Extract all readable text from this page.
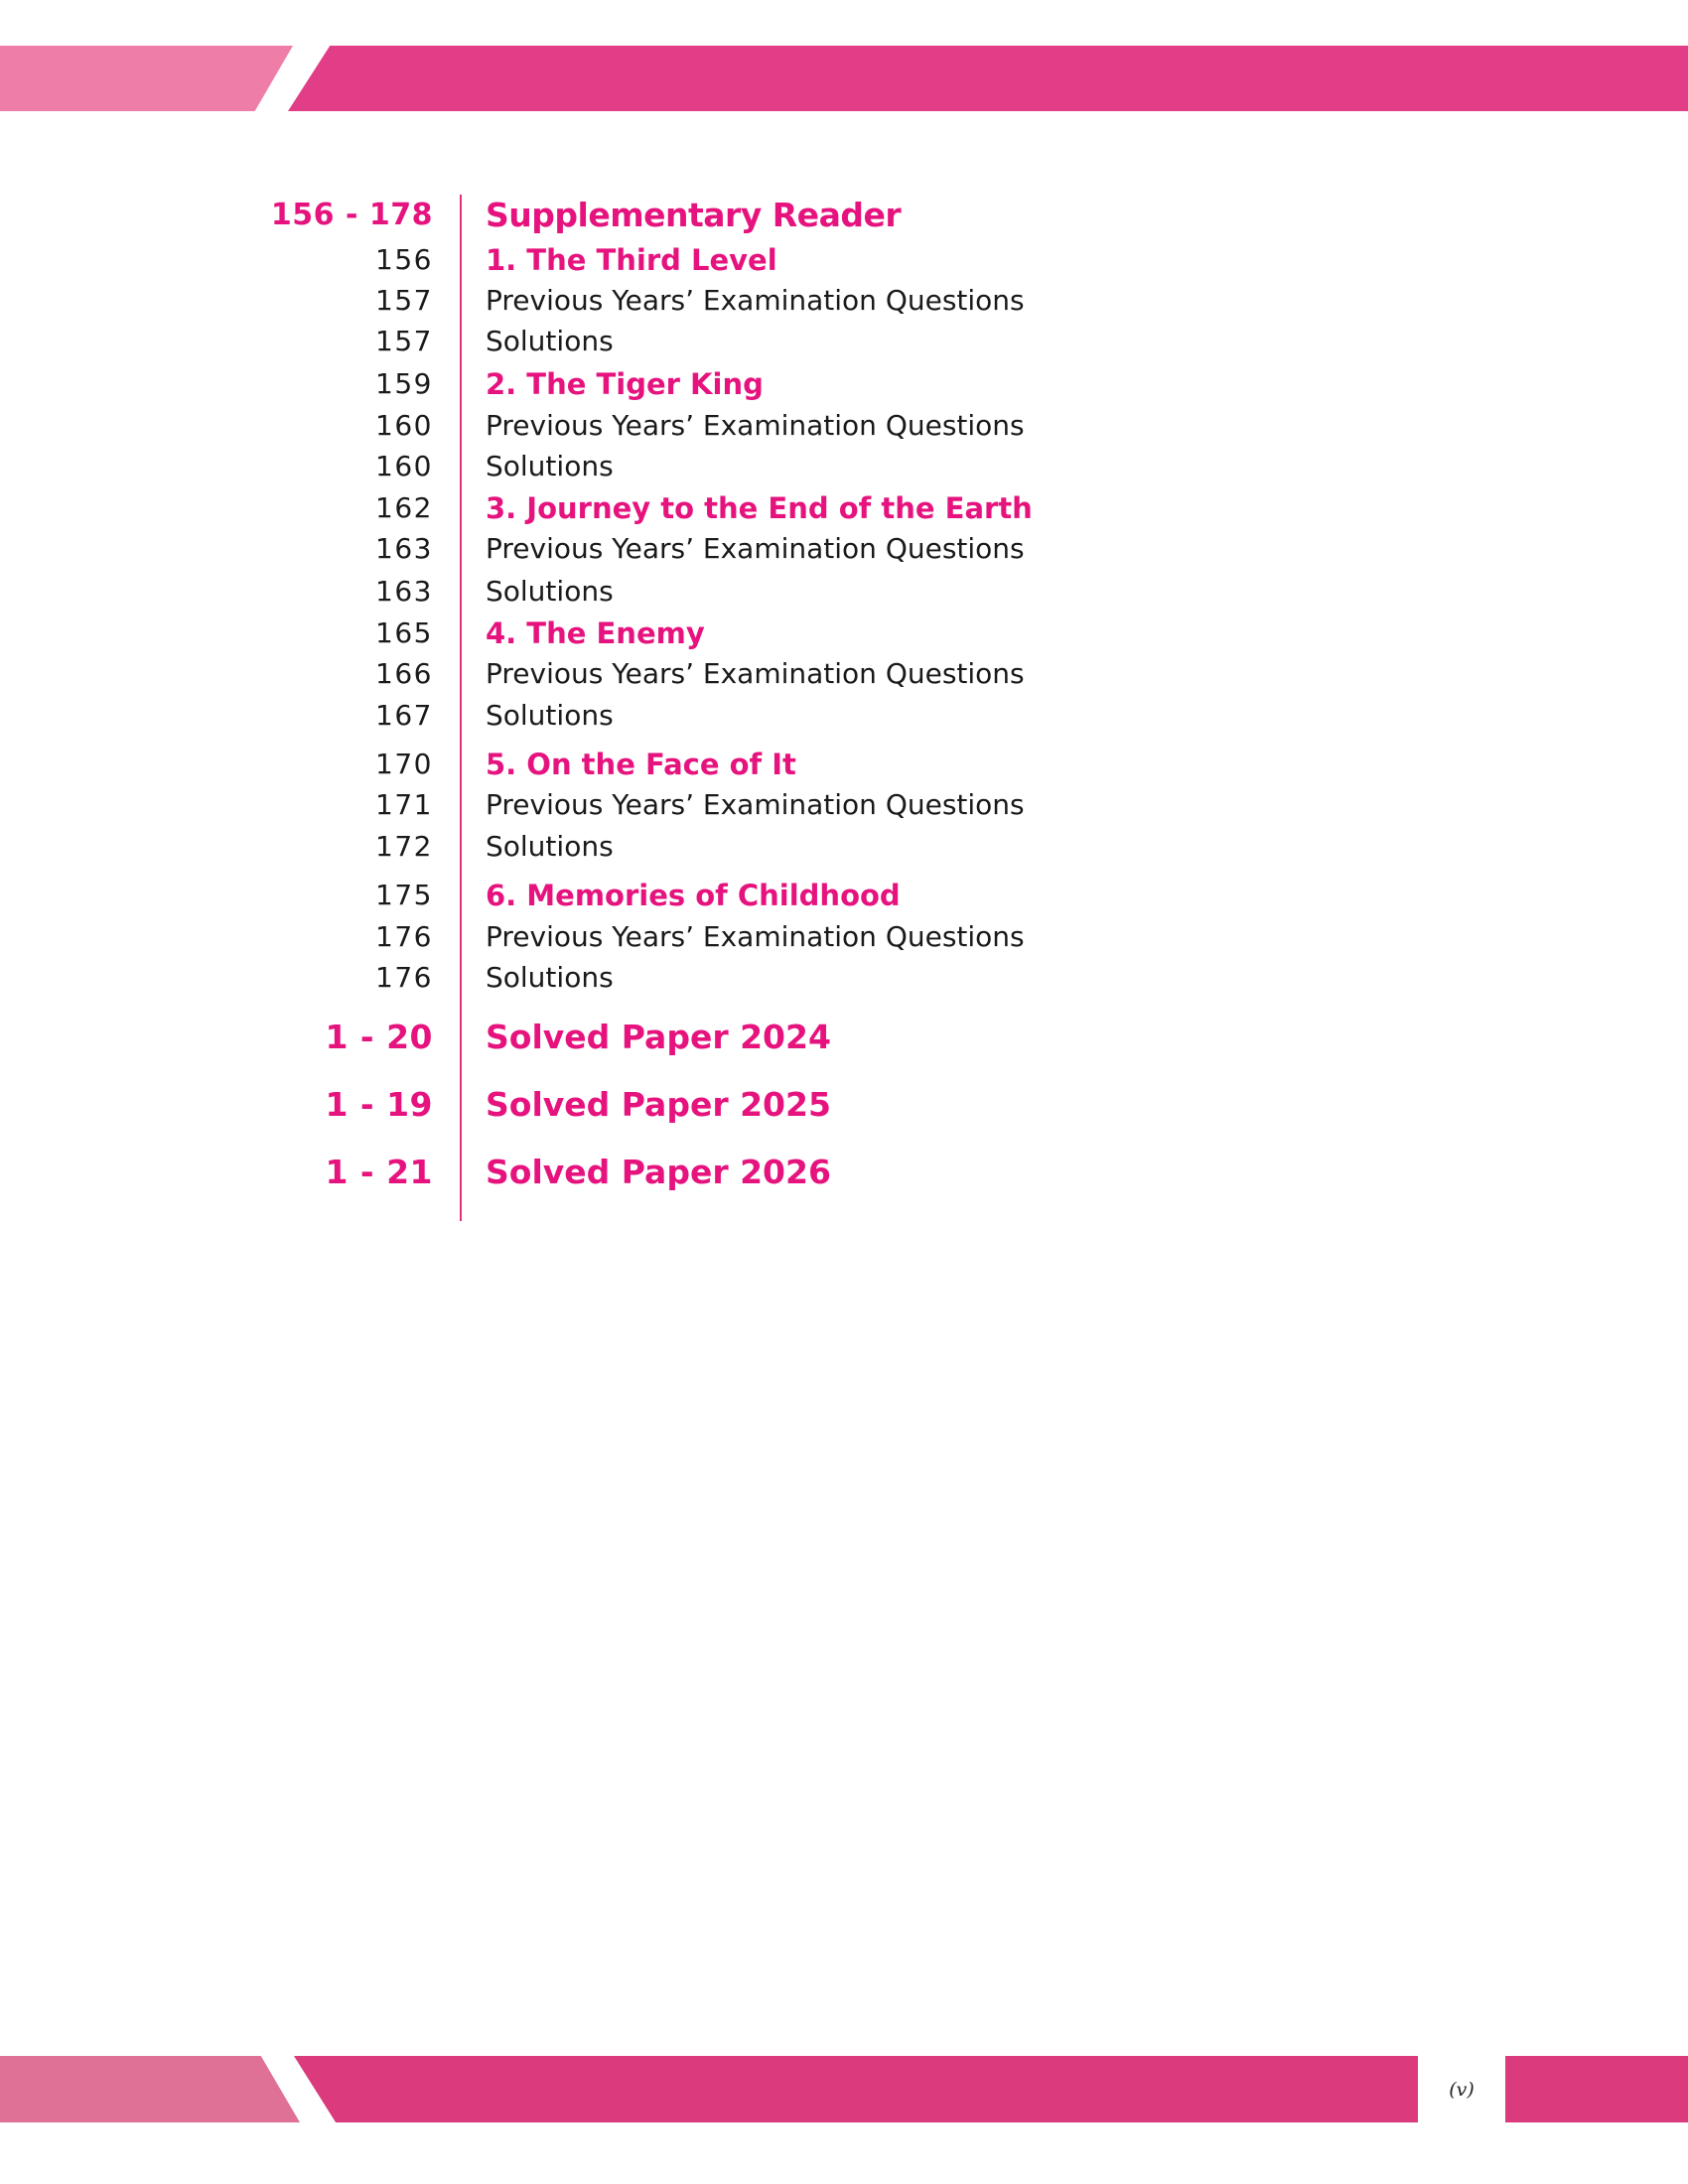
156 - 178 Supplementary Reader
156 1. The Third Level
157 Previous Years’ Examination Questions
157 Solutions
159 2. The Tiger King
160 Previous Years’ Examination Questions
160 Solutions
162 3. Journey to the End of the Earth
163 Previous Years’ Examination Questions
163 Solutions
165 4. The Enemy
166 Previous Years’ Examination Questions
167 Solutions
170 5. On the Face of It
171 Previous Years’ Examination Questions
172 Solutions
175 6. Memories of Childhood
176 Previous Years’ Examination Questions
176 Solutions
1 - 20 Solved Paper 2024
1 - 19 Solved Paper 2025
1 - 21 Solved Paper 2026
(v)
